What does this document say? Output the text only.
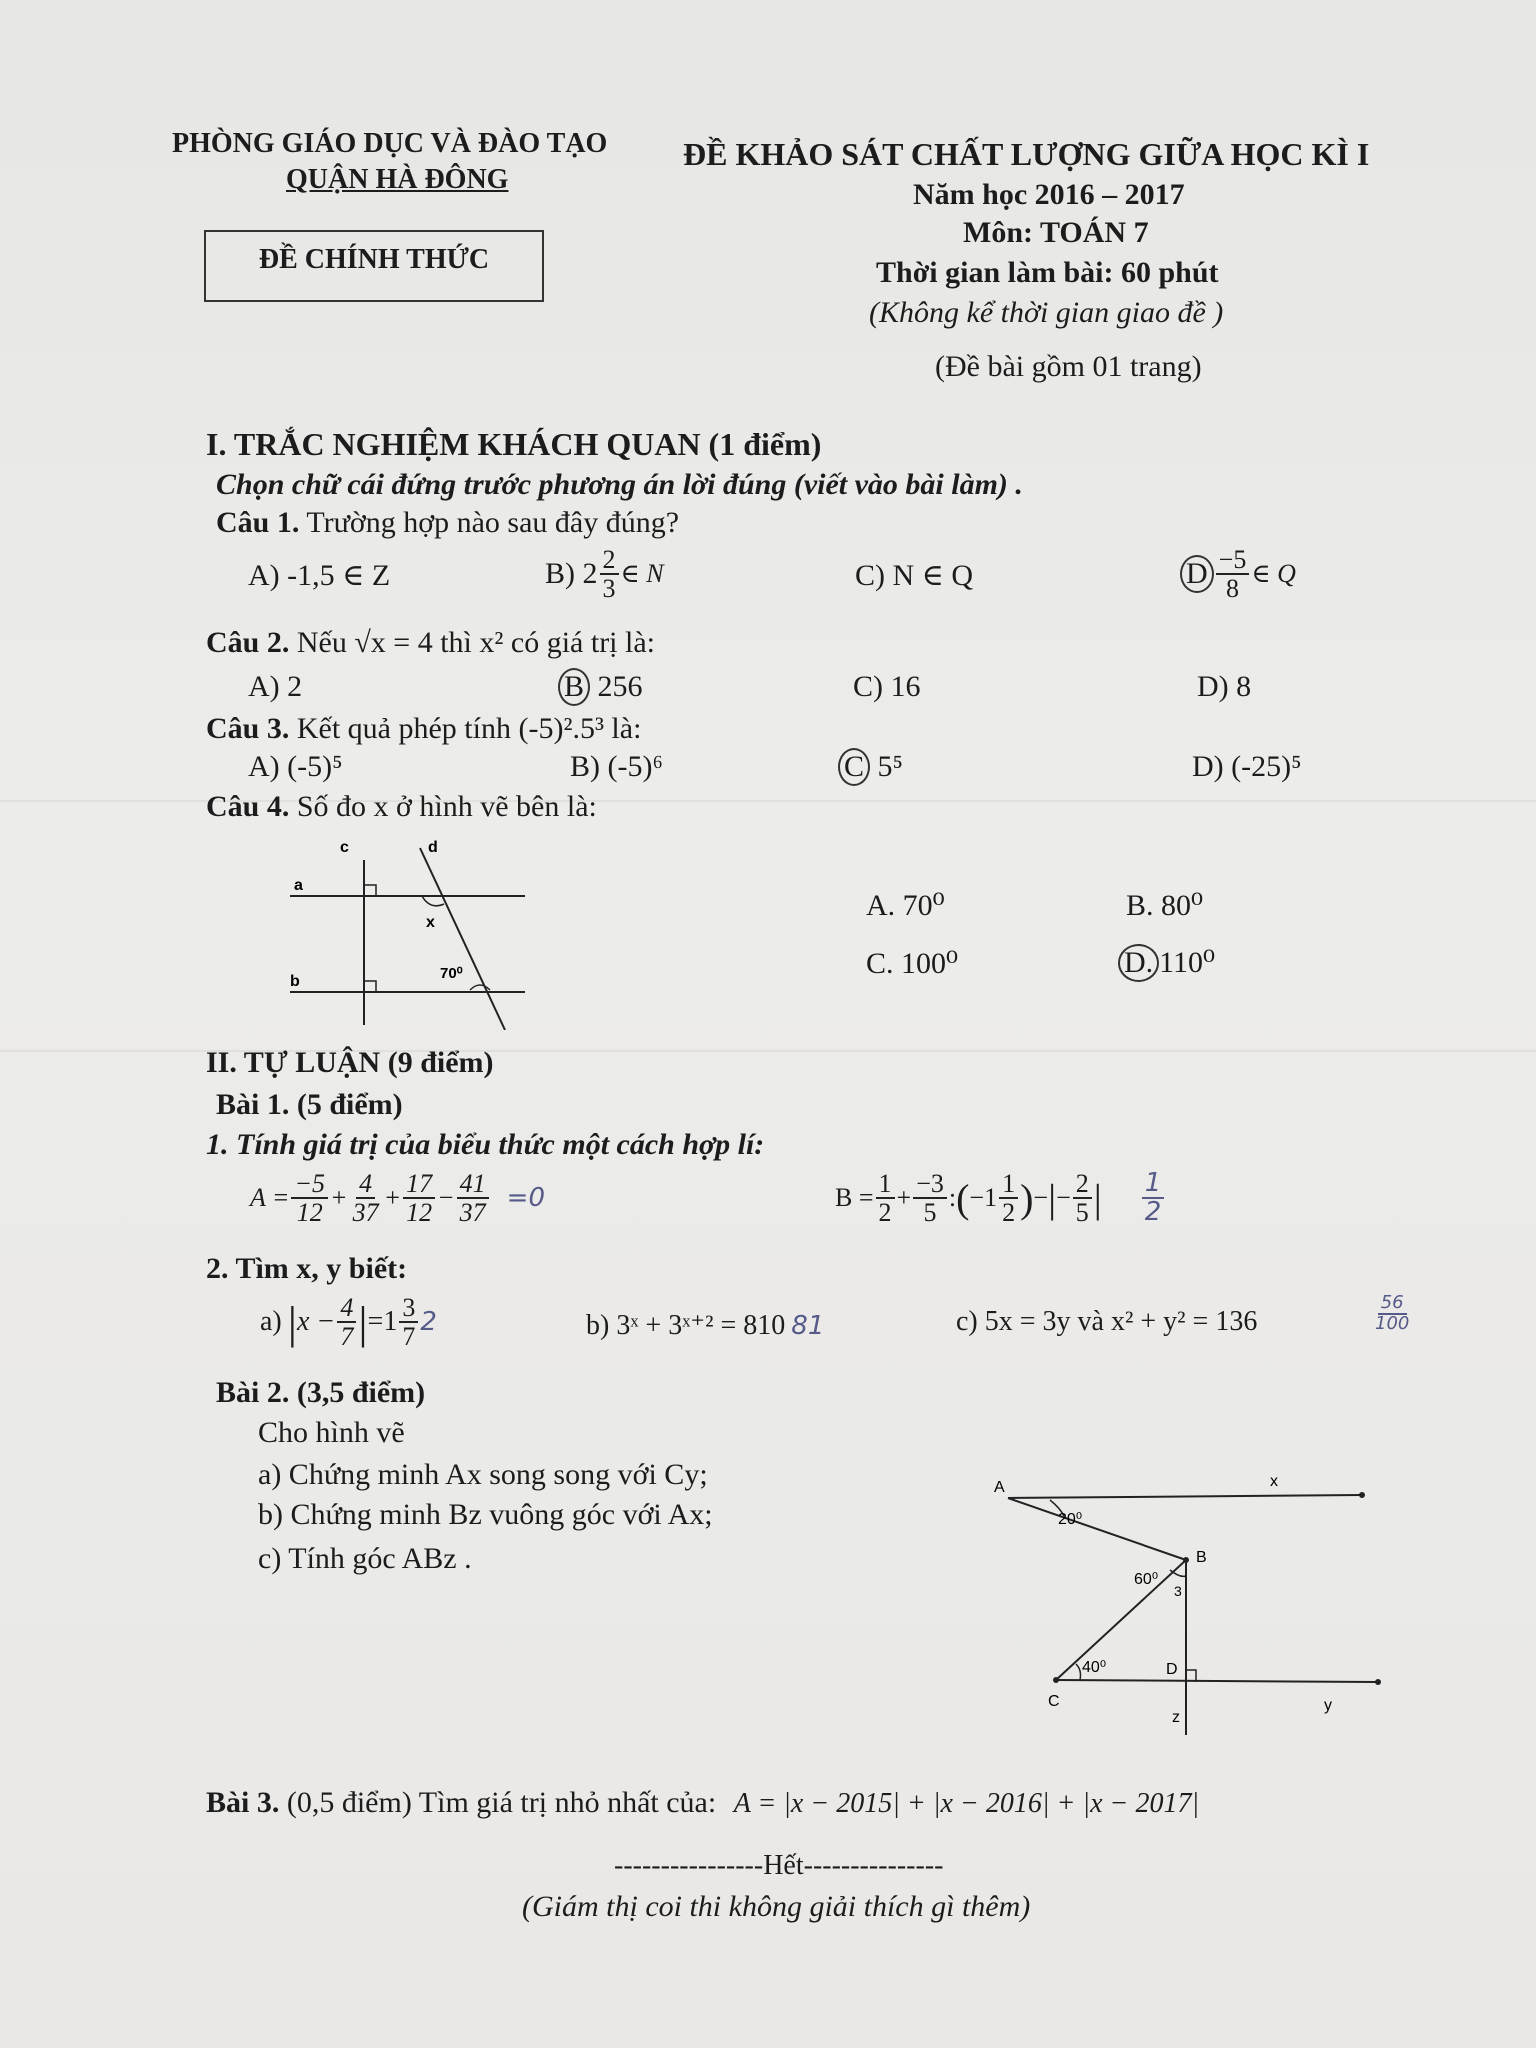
PHÒNG GIÁO DỤC VÀ ĐÀO TẠO
QUẬN HÀ ĐÔNG
ĐỀ CHÍNH THỨC
ĐỀ KHẢO SÁT CHẤT LƯỢNG GIỮA HỌC KÌ I
Năm học 2016 – 2017
Môn: TOÁN 7
Thời gian làm bài: 60 phút
(Không kể thời gian giao đề )
(Đề bài gồm 01 trang)
I. TRẮC NGHIỆM KHÁCH QUAN (1 điểm)
Chọn chữ cái đứng trước phương án lời đúng (viết vào bài làm) .
Câu 1. Trường hợp nào sau đây đúng?
A) -1,5 ∈ Z	B) $2 \frac{2}{3}$ ∈ N	C) N ∈ Q	D $\frac{-5}{8}$ ∈ Q
Câu 2. Nếu √x = 4 thì x² có giá trị là:
A) 2	B 256	C) 16	D) 8
Câu 3. Kết quả phép tính (-5)².5³ là:
A) (-5)⁵	B) (-5)⁶	C 5⁵	D) (-25)⁵
Câu 4. Số đo x ở hình vẽ bên là:
c	d
a
b
x
70⁰
A. 70⁰	B. 80⁰
C. 100⁰	D. 110⁰
II. TỰ LUẬN (9 điểm)
Bài 1. (5 điểm)
1. Tính giá trị của biểu thức một cách hợp lí:
$A = \frac{-5}{12} + \frac{4}{37} + \frac{17}{12} - \frac{41}{37} =0$	$B = \frac{1}{2} + \frac{-3}{5}$ : ( $-1 \frac{1}{2}$ ) − | − $\frac{2}{5}$ | $\frac{1}{2}$
2. Tìm x, y biết:
a) | $x - \frac{4}{7}$ | = $1 \frac{3}{7} 2$	b) 3ˣ + 3ˣ⁺² = 810 81	c) 5x = 3y và x² + y² = 136	$\frac{56}{100}$
Bài 2. (3,5 điểm)
Cho hình vẽ
a) Chứng minh Ax song song với Cy;
b) Chứng minh Bz vuông góc với Ax;
c) Tính góc ABz .
A	x
20⁰
B
60⁰
3
40⁰	D
C	y
z
Bài 3. (0,5 điểm) Tìm giá trị nhỏ nhất của: A = |x − 2015| + |x − 2016| + |x − 2017|
----------------Hết---------------
(Giám thị coi thi không giải thích gì thêm)
